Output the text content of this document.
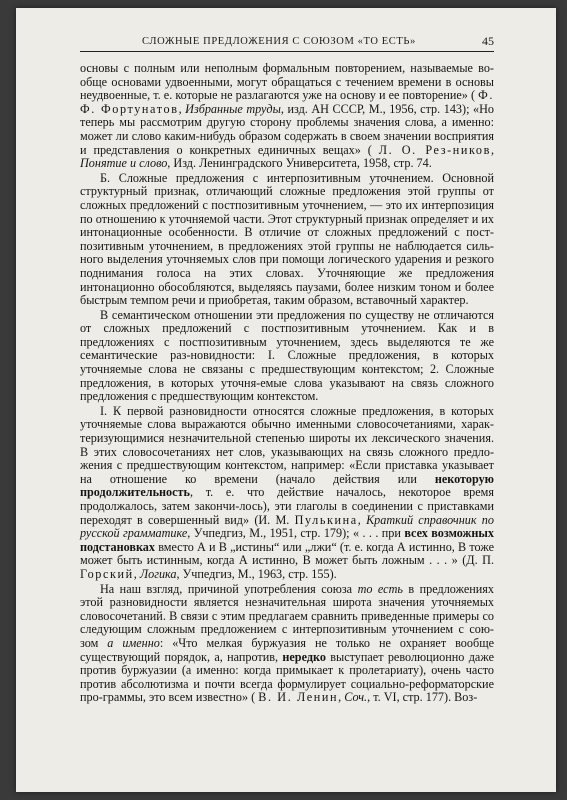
СЛОЖНЫЕ ПРЕДЛОЖЕНИЯ С СОЮЗОМ «ТО ЕСТЬ»	45

основы с полным или неполным формальным повторением, называемые во-обще основами удвоенными, могут обращаться с течением времени в основы неудвоенные, т. е. которые не разлагаются уже на основу и ее повторение» ( Ф. Ф. Фортунатов, Избранные труды, изд. АН СССР, М., 1956, стр. 143); «Но теперь мы рассмотрим другую сторону проблемы значения слова, а именно: может ли слово каким-нибудь образом содержать в своем значении восприятия и представления о конкретных единичных вещах» ( Л. О. Рез-ников, Понятие и слово, Изд. Ленинградского Университета, 1958, стр. 74.

Б. Сложные предложения с интерпозитивным уточнением. Основной структурный признак, отличающий сложные предложения этой группы от сложных предложений с постпозитивным уточнением, — это их интерпозиция по отношению к уточняемой части. Этот структурный признак определяет и их интонационные особенности. В отличие от сложных предложений с пост-позитивным уточнением, в предложениях этой группы не наблюдается силь-ного выделения уточняемых слов при помощи логического ударения и резкого поднимания голоса на этих словах. Уточняющие же предложения интонационно обособляются, выделяясь паузами, более низким тоном и более быстрым темпом речи и приобретая, таким образом, вставочный характер.

В семантическом отношении эти предложения по существу не отличаются от сложных предложений с постпозитивным уточнением. Как и в предложениях с постпозитивным уточнением, здесь выделяются те же семантические раз-новидности: I. Сложные предложения, в которых уточняемые слова не связаны с предшествующим контекстом; 2. Сложные предложения, в которых уточня-емые слова указывают на связь сложного предложения с предшествующим контекстом.

I. К первой разновидности относятся сложные предложения, в которых уточняемые слова выражаются обычно именными словосочетаниями, харак-теризующимися незначительной степенью широты их лексического значения. В этих словосочетаниях нет слов, указывающих на связь сложного предло-жения с предшествующим контекстом, например: «Если приставка указывает на отношение ко времени (начало действия или некоторую продолжительность, т. е. что действие началось, некоторое время продолжалось, затем закончи-лось), эти глаголы в соединении с приставками переходят в совершенный вид» (И. М. Пулькина, Краткий справочник по русской грамматике, Учпедгиз, М., 1951, стр. 179); « . . . при всех возможных подстановках вместо А и В „истины“ или „лжи“ (т. е. когда А истинно, В тоже может быть истинным, когда А истинно, В может быть ложным . . . » (Д. П. Горский, Логика, Учпедгиз, М., 1963, стр. 155).

На наш взгляд, причиной употребления союза то есть в предложениях этой разновидности является незначительная широта значения уточняемых словосочетаний. В связи с этим предлагаем сравнить приведенные примеры со следующим сложным предложением с интерпозитивным уточнением с сою-зом а именно: «Что мелкая буржуазия не только не охраняет вообще существующий порядок, а, напротив, нередко выступает революционно даже против буржуазии (а именно: когда примыкает к пролетариату), очень часто против абсолютизма и почти всегда формулирует социально-реформаторские про-граммы, это всем известно» ( В. И. Ленин, Соч., т. VI, стр. 177). Воз-
